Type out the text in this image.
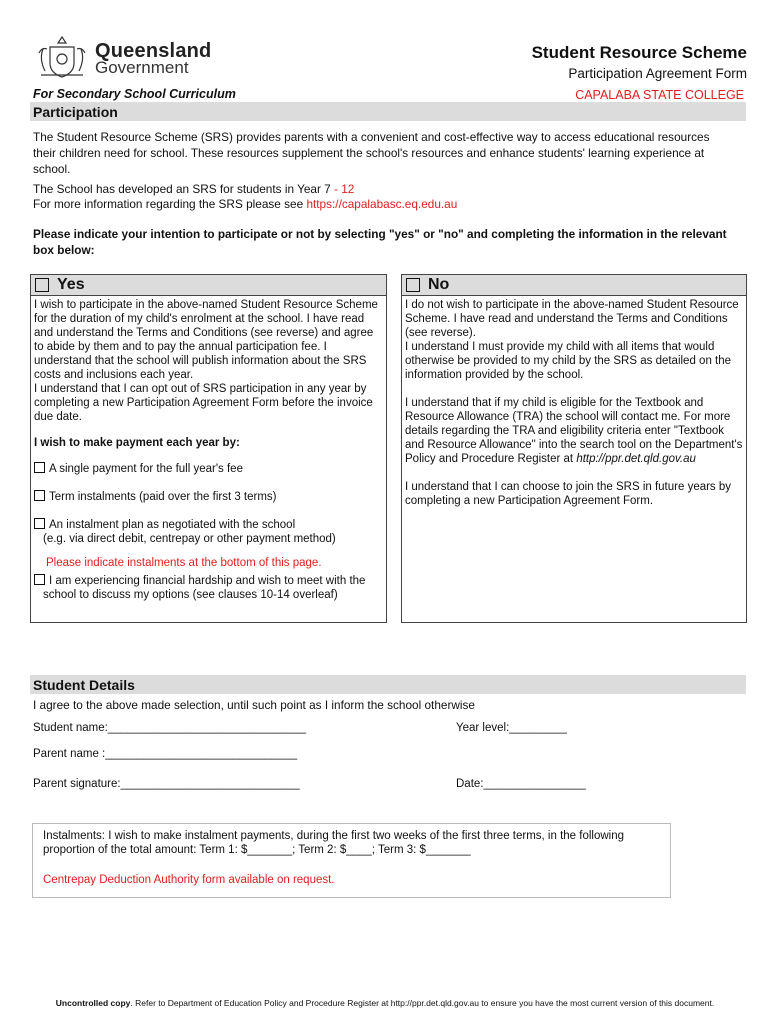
Queensland
Government
Student Resource Scheme
Participation Agreement Form
For Secondary School Curriculum	CAPALABA STATE COLLEGE
Participation
The Student Resource Scheme (SRS) provides parents with a convenient and cost-effective way to access educational resources their children need for school. These resources supplement the school's resources and enhance students' learning experience at school.
The School has developed an SRS for students in Year 7 - 12
For more information regarding the SRS please see https://capalabasc.eq.edu.au
Please indicate your intention to participate or not by selecting "yes" or "no" and completing the information in the relevant box below:
Yes
I wish to participate in the above-named Student Resource Scheme for the duration of my child's enrolment at the school. I have read and understand the Terms and Conditions (see reverse) and agree to abide by them and to pay the annual participation fee. I understand that the school will publish information about the SRS costs and inclusions each year.
I understand that I can opt out of SRS participation in any year by completing a new Participation Agreement Form before the invoice due date.
I wish to make payment each year by:
A single payment for the full year's fee
Term instalments (paid over the first 3 terms)
An instalment plan as negotiated with the school
(e.g. via direct debit, centrepay or other payment method)
Please indicate instalments at the bottom of this page.
I am experiencing financial hardship and wish to meet with the
school to discuss my options (see clauses 10-14 overleaf)
No
I do not wish to participate in the above-named Student Resource Scheme. I have read and understand the Terms and Conditions (see reverse).
I understand I must provide my child with all items that would otherwise be provided to my child by the SRS as detailed on the information provided by the school.
I understand that if my child is eligible for the Textbook and Resource Allowance (TRA) the school will contact me. For more details regarding the TRA and eligibility criteria enter "Textbook and Resource Allowance" into the search tool on the Department's Policy and Procedure Register at http://ppr.det.qld.gov.au
I understand that I can choose to join the SRS in future years by completing a new Participation Agreement Form.
Student Details
I agree to the above made selection, until such point as I inform the school otherwise
Student name:_______________________________	Year level:_________
Parent name :______________________________
Parent signature:____________________________	Date:________________
Instalments: I wish to make instalment payments, during the first two weeks of the first three terms, in the following
proportion of the total amount: Term 1: $_______; Term 2: $____; Term 3: $_______
Centrepay Deduction Authority form available on request.
Uncontrolled copy. Refer to Department of Education Policy and Procedure Register at http://ppr.det.qld.gov.au to ensure you have the most current version of this document.
